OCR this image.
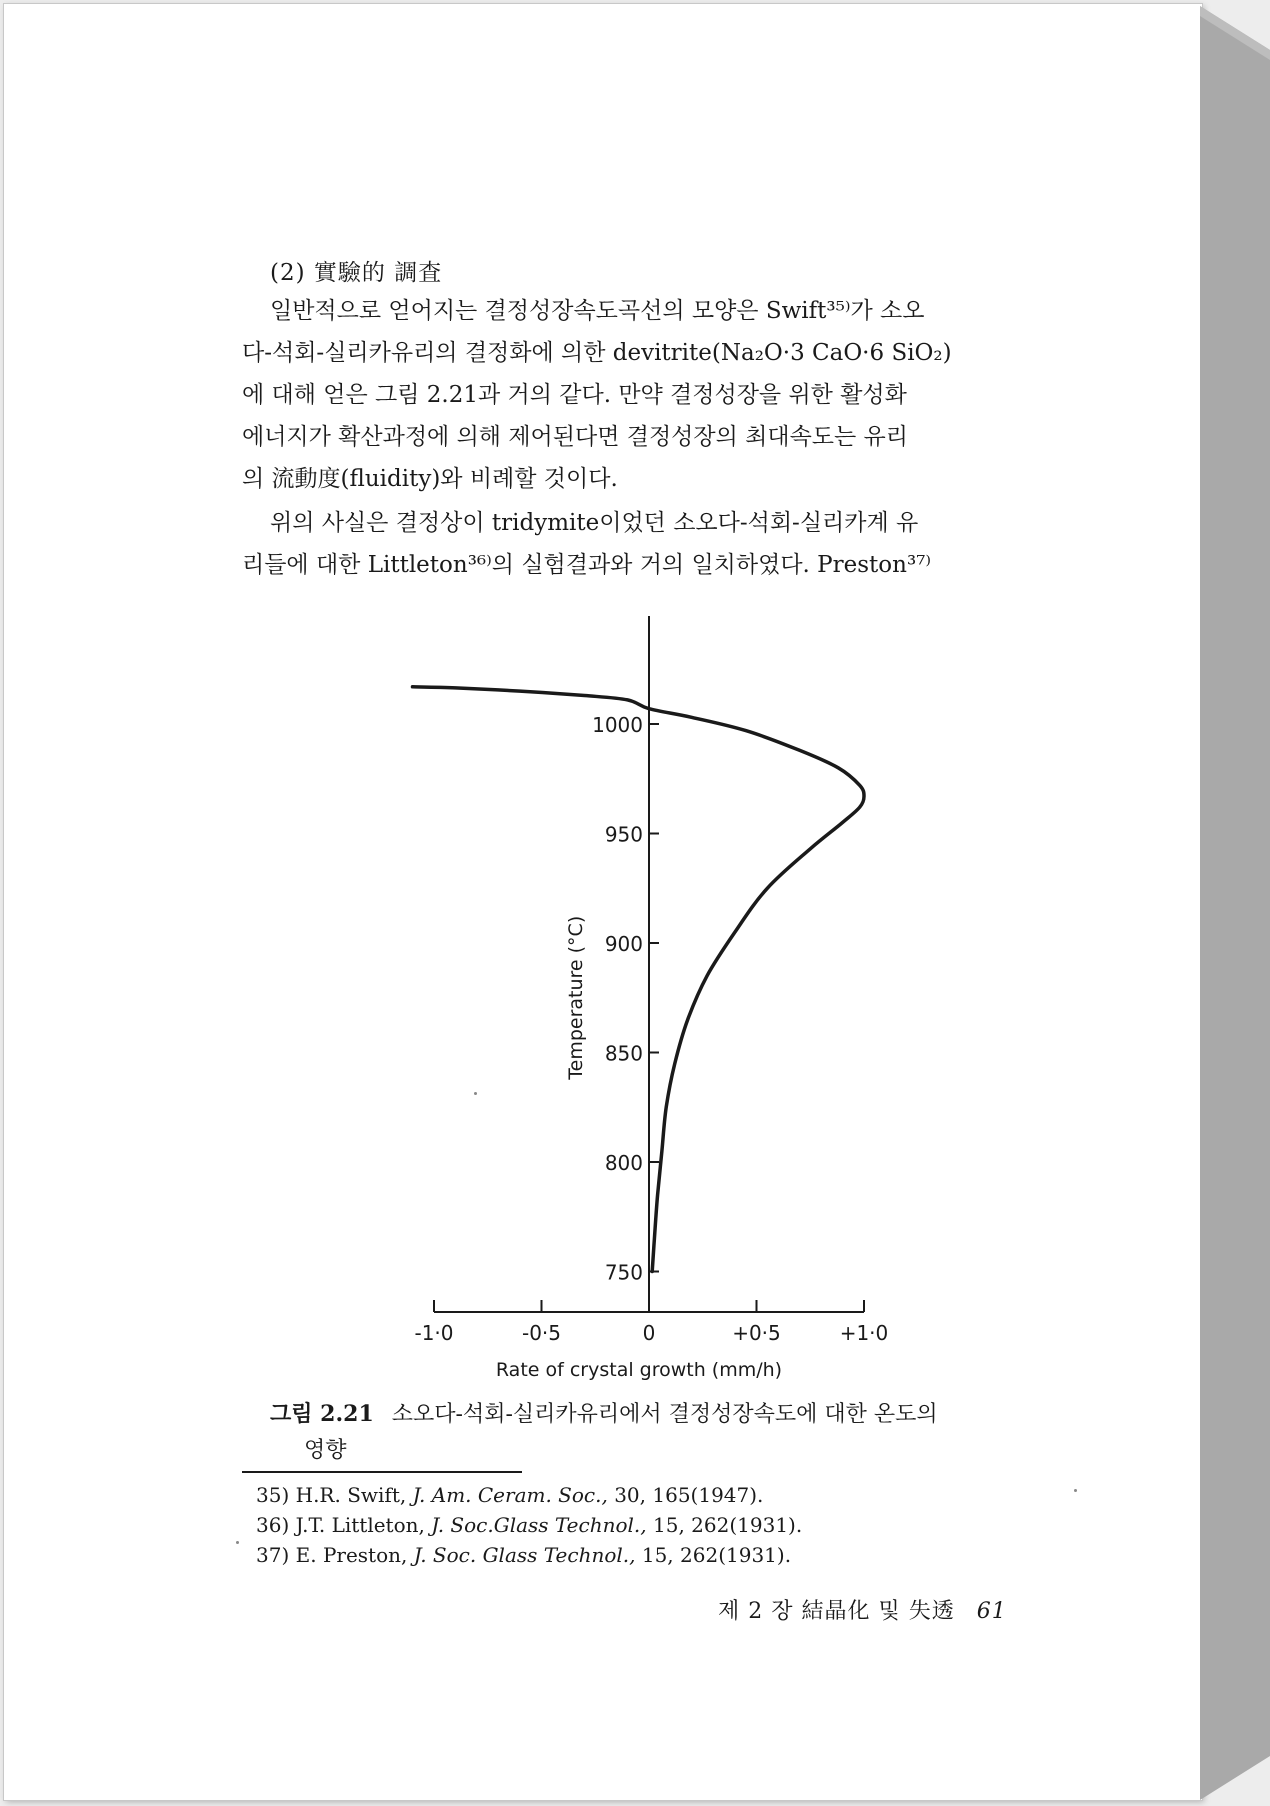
(2) 實驗的 調査
일반적으로 얻어지는 결정성장속도곡선의 모양은 Swift³⁵⁾가 소오
다-석회-실리카유리의 결정화에 의한 devitrite(Na₂O·3 CaO·6 SiO₂)
에 대해 얻은 그림 2.21과 거의 같다. 만약 결정성장을 위한 활성화
에너지가 확산과정에 의해 제어된다면 결정성장의 최대속도는 유리
의 流動度(fluidity)와 비례할 것이다.
위의 사실은 결정상이 tridymite이었던 소오다-석회-실리카계 유
리들에 대한 Littleton³⁶⁾의 실험결과와 거의 일치하였다. Preston³⁷⁾
750
800
850
900
950
1000
-1·0	-0·5	0	+0·5	+1·0
Rate of crystal growth (mm/h)
Temperature (°C)
그림 2.21 소오다-석회-실리카유리에서 결정성장속도에 대한 온도의
영향
35) H.R. Swift, J. Am. Ceram. Soc., 30, 165(1947).
36) J.T. Littleton, J. Soc.Glass Technol., 15, 262(1931).
37) E. Preston, J. Soc. Glass Technol., 15, 262(1931).
제 2 장 結晶化 및 失透 61
